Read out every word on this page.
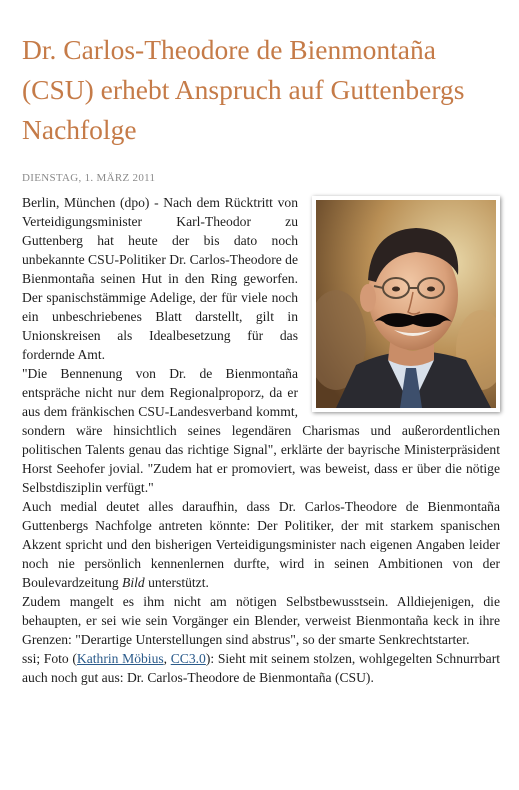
Dr. Carlos-Theodore de Bienmontaña (CSU) erhebt Anspruch auf Guttenbergs Nachfolge
DIENSTAG, 1. MÄRZ 2011

Berlin, München (dpo) - Nach dem Rücktritt von Verteidigungsminister Karl-Theodor zu Guttenberg hat heute der bis dato noch unbekannte CSU-Politiker Dr. Carlos-Theodore de Bienmontaña seinen Hut in den Ring geworfen. Der spanischstämmige Adelige, der für viele noch ein unbeschriebenes Blatt darstellt, gilt in Unionskreisen als Idealbesetzung für das fordernde Amt.

"Die Bennenung von Dr. de Bienmontaña entspräche nicht nur dem Regionalproporz, da er aus dem fränkischen CSU-Landesverband kommt, sondern wäre hinsichtlich seines legendären Charismas und außerordentlichen politischen Talents genau das richtige Signal", erklärte der bayrische Ministerpräsident Horst Seehofer jovial. "Zudem hat er promoviert, was beweist, dass er über die nötige Selbstdisziplin verfügt."

Auch medial deutet alles daraufhin, dass Dr. Carlos-Theodore de Bienmontaña Guttenbergs Nachfolge antreten könnte: Der Politiker, der mit starkem spanischen Akzent spricht und den bisherigen Verteidigungsminister nach eigenen Angaben leider noch nie persönlich kennenlernen durfte, wird in seinen Ambitionen von der Boulevardzeitung Bild unterstützt.

Zudem mangelt es ihm nicht am nötigen Selbstbewusstsein. Alldiejenigen, die behaupten, er sei wie sein Vorgänger ein Blender, verweist Bienmontaña keck in ihre Grenzen: "Derartige Unterstellungen sind abstrus", so der smarte Senkrechtstarter.

ssi; Foto (Kathrin Möbius, CC3.0): Sieht mit seinem stolzen, wohlgegelten Schnurrbart auch noch gut aus: Dr. Carlos-Theodore de Bienmontaña (CSU).
